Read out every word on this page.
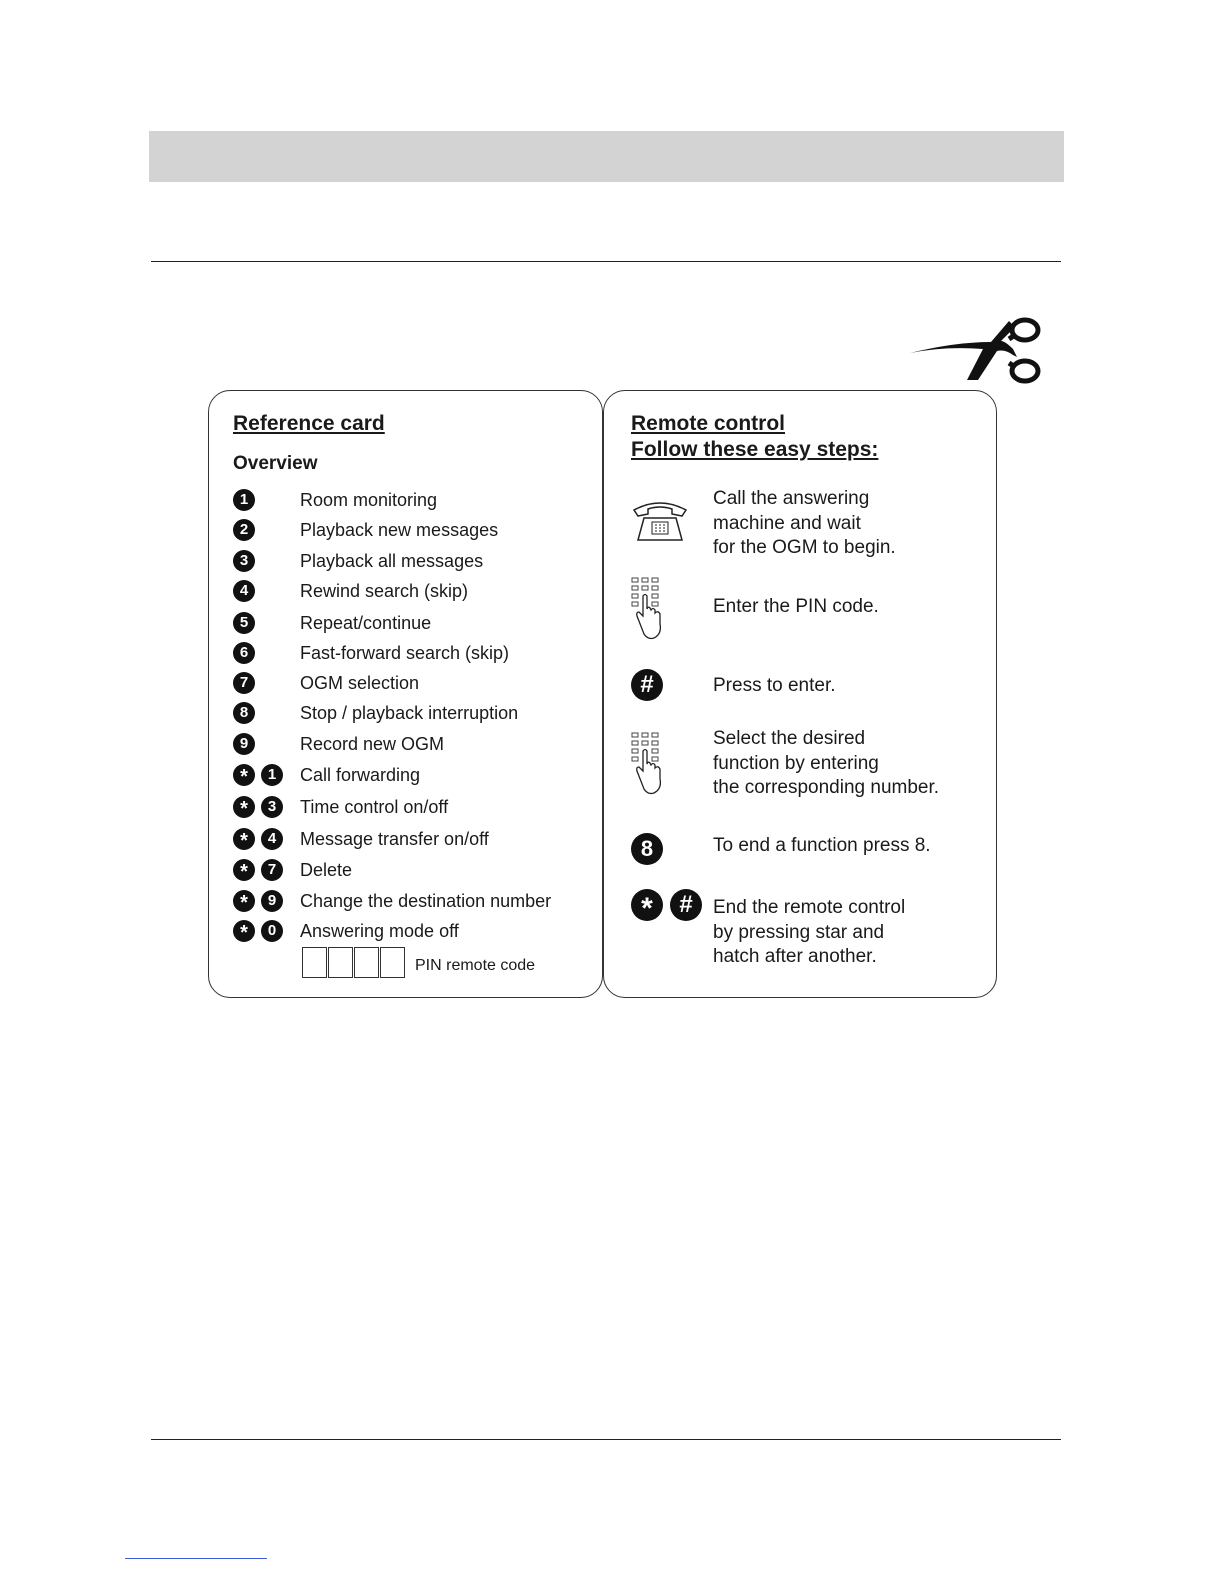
Reference card
Overview
1	Room monitoring
2	Playback new messages
3	Playback all messages
4	Rewind search (skip)
5	Repeat/continue
6	Fast-forward search (skip)
7	OGM selection
8	Stop / playback interruption
9	Record new OGM
*	1	Call forwarding
*	3	Time control on/off
*	4	Message transfer on/off
*	7	Delete
*	9	Change the destination number
*	0	Answering mode off
PIN remote code
Remote control
Follow these easy steps:
Call the answering
machine and wait
for the OGM to begin.
Enter the PIN code.
#	Press to enter.
Select the desired
function by entering
the corresponding number.
8	To end a function press 8.
*	#	End the remote control
by pressing star and
hatch after another.
